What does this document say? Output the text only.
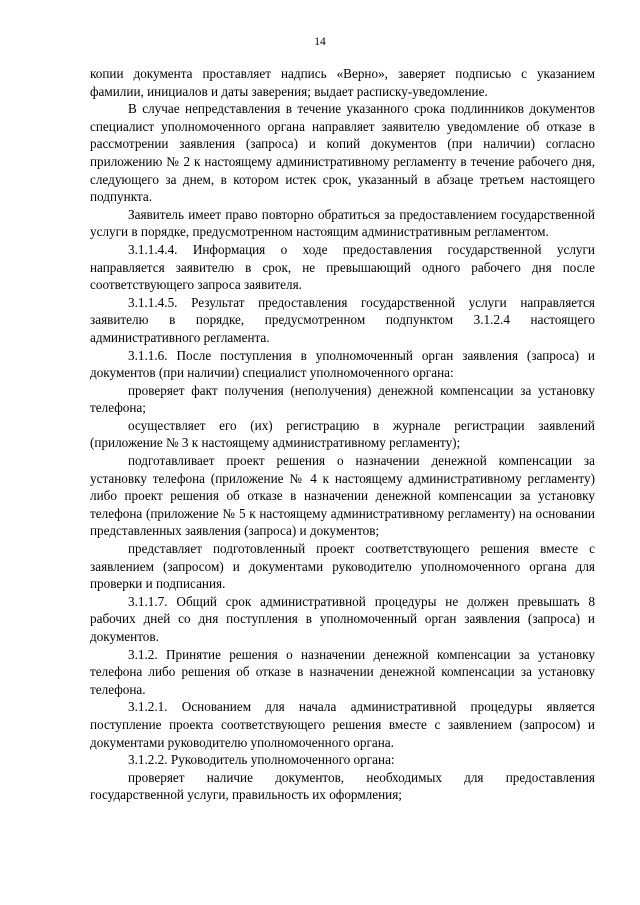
14

копии документа проставляет надпись «Верно», заверяет подписью с указанием фамилии, инициалов и даты заверения; выдает расписку-уведомление.

В случае непредставления в течение указанного срока подлинников документов специалист уполномоченного органа направляет заявителю уведомление об отказе в рассмотрении заявления (запроса) и копий документов (при наличии) согласно приложению № 2 к настоящему административному регламенту в течение рабочего дня, следующего за днем, в котором истек срок, указанный в абзаце третьем настоящего подпункта.

Заявитель имеет право повторно обратиться за предоставлением государственной услуги в порядке, предусмотренном настоящим административным регламентом.

3.1.1.4.4. Информация о ходе предоставления государственной услуги направляется заявителю в срок, не превышающий одного рабочего дня после соответствующего запроса заявителя.

3.1.1.4.5. Результат предоставления государственной услуги направляется заявителю в порядке, предусмотренном подпунктом 3.1.2.4 настоящего административного регламента.

3.1.1.6. После поступления в уполномоченный орган заявления (запроса) и документов (при наличии) специалист уполномоченного органа:

проверяет факт получения (неполучения) денежной компенсации за установку телефона;

осуществляет его (их) регистрацию в журнале регистрации заявлений (приложение № 3 к настоящему административному регламенту);

подготавливает проект решения о назначении денежной компенсации за установку телефона (приложение № 4 к настоящему административному регламенту) либо проект решения об отказе в назначении денежной компенсации за установку телефона (приложение № 5 к настоящему административному регламенту) на основании представленных заявления (запроса) и документов;

представляет подготовленный проект соответствующего решения вместе с заявлением (запросом) и документами руководителю уполномоченного органа для проверки и подписания.

3.1.1.7. Общий срок административной процедуры не должен превышать 8 рабочих дней со дня поступления в уполномоченный орган заявления (запроса) и документов.

3.1.2. Принятие решения о назначении денежной компенсации за установку телефона либо решения об отказе в назначении денежной компенсации за установку телефона.

3.1.2.1. Основанием для начала административной процедуры является поступление проекта соответствующего решения вместе с заявлением (запросом) и документами руководителю уполномоченного органа.

3.1.2.2. Руководитель уполномоченного органа:

проверяет наличие документов, необходимых для предоставления государственной услуги, правильность их оформления;
